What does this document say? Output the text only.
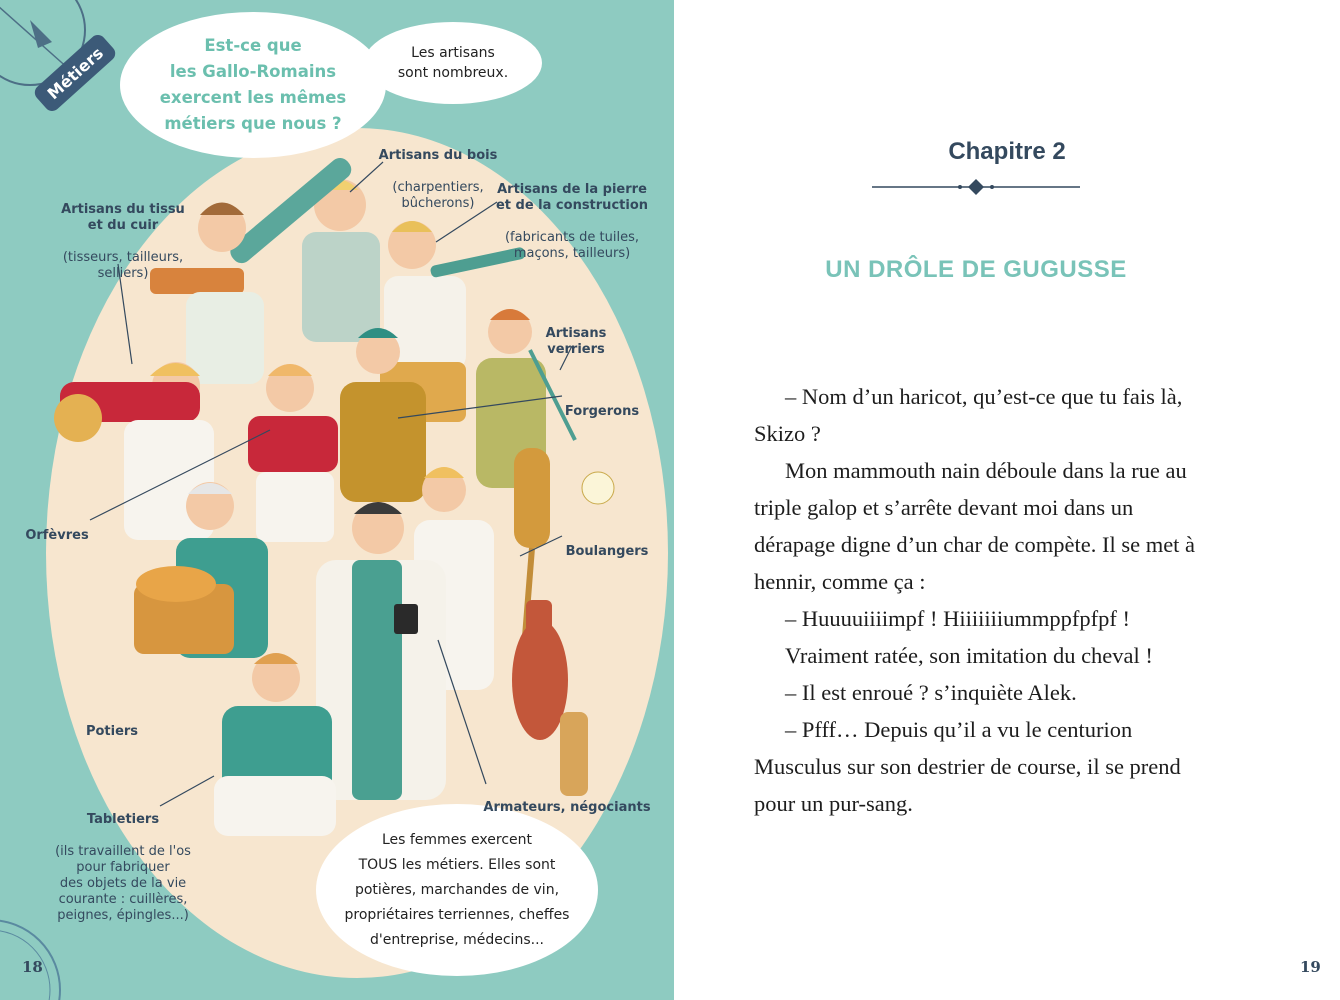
Est-ce que
les Gallo-Romains
exercent les mêmes
métiers que nous ?
Les artisans
sont nombreux.
Les femmes exercent
TOUS les métiers. Elles sont
potières, marchandes de vin,
propriétaires terriennes, cheffes
d'entreprise, médecins...
Métiers

Artisans du bois

(charpentiers,
bûcherons)

Artisans de la pierre
et de la construction

(fabricants de tuiles,
maçons, tailleurs)

Artisans du tissu
et du cuir

(tisseurs, tailleurs,
selliers)

Artisans
verriers

Forgerons

Orfèvres

Boulangers

Potiers

Tabletiers

(ils travaillent de l'os
pour fabriquer
des objets de la vie
courante : cuillères,
peignes, épingles...)

Armateurs, négociants

18
Chapitre 2
UN DRÔLE DE GUGUSSE

– Nom d’un haricot, qu’est-ce que tu fais là, Skizo ?

Mon mammouth nain déboule dans la rue au triple galop et s’arrête devant moi dans un dérapage digne d’un char de compète. Il se met à hennir, comme ça :

– Huuuuiiiimpf ! Hiiiiiiiummppfpfpf !

Vraiment ratée, son imitation du cheval !

– Il est enroué ? s’inquiète Alek.

– Pfff… Depuis qu’il a vu le centurion Musculus sur son destrier de course, il se prend pour un pur-sang.

19
